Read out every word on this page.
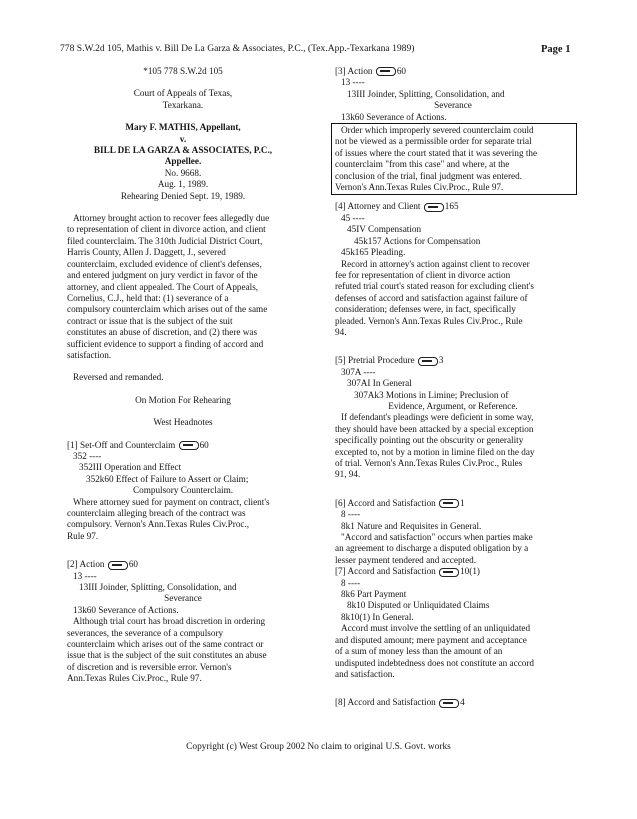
778 S.W.2d 105, Mathis v. Bill De La Garza & Associates, P.C., (Tex.App.-Texarkana 1989)	Page 1
*105 778 S.W.2d 105
Court of Appeals of Texas,
Texarkana.
Mary F. MATHIS, Appellant,
v.
BILL DE LA GARZA & ASSOCIATES, P.C.,
Appellee.
No. 9668.
Aug. 1, 1989.
Rehearing Denied Sept. 19, 1989.
Attorney brought action to recover fees allegedly due
to representation of client in divorce action, and client
filed counterclaim. The 310th Judicial District Court,
Harris County, Allen J. Daggett, J., severed
counterclaim, excluded evidence of client's defenses,
and entered judgment on jury verdict in favor of the
attorney, and client appealed. The Court of Appeals,
Cornelius, C.J., held that: (1) severance of a
compulsory counterclaim which arises out of the same
contract or issue that is the subject of the suit
constitutes an abuse of discretion, and (2) there was
sufficient evidence to support a finding of accord and
satisfaction.
Reversed and remanded.
On Motion For Rehearing
West Headnotes
[1] Set-Off and Counterclaim	60
352 ----
352III Operation and Effect
352k60 Effect of Failure to Assert or Claim;
Compulsory Counterclaim.
Where attorney sued for payment on contract, client's
counterclaim alleging breach of the contract was
compulsory. Vernon's Ann.Texas Rules Civ.Proc.,
Rule 97.
[2] Action	60
13 ----
13III Joinder, Splitting, Consolidation, and
Severance
13k60 Severance of Actions.
Although trial court has broad discretion in ordering
severances, the severance of a compulsory
counterclaim which arises out of the same contract or
issue that is the subject of the suit constitutes an abuse
of discretion and is reversible error. Vernon's
Ann.Texas Rules Civ.Proc., Rule 97.
[3] Action	60
13 ----
13III Joinder, Splitting, Consolidation, and
Severance
13k60 Severance of Actions.
Order which improperly severed counterclaim could
not be viewed as a permissible order for separate trial
of issues where the court stated that it was severing the
counterclaim "from this case" and where, at the
conclusion of the trial, final judgment was entered.
Vernon's Ann.Texas Rules Civ.Proc., Rule 97.
[4] Attorney and Client	165
45 ----
45IV Compensation
45k157 Actions for Compensation
45k165 Pleading.
Record in attorney's action against client to recover
fee for representation of client in divorce action
refuted trial court's stated reason for excluding client's
defenses of accord and satisfaction against failure of
consideration; defenses were, in fact, specifically
pleaded. Vernon's Ann.Texas Rules Civ.Proc., Rule
94.
[5] Pretrial Procedure	3
307A ----
307AI In General
307Ak3 Motions in Limine; Preclusion of
Evidence, Argument, or Reference.
If defendant's pleadings were deficient in some way,
they should have been attacked by a special exception
specifically pointing out the obscurity or generality
excepted to, not by a motion in limine filed on the day
of trial. Vernon's Ann.Texas Rules Civ.Proc., Rules
91, 94.
[6] Accord and Satisfaction	1
8 ----
8k1 Nature and Requisites in General.
"Accord and satisfaction" occurs when parties make
an agreement to discharge a disputed obligation by a
lesser payment tendered and accepted.
[7] Accord and Satisfaction	10(1)
8 ----
8k6 Part Payment
8k10 Disputed or Unliquidated Claims
8k10(1) In General.
Accord must involve the settling of an unliquidated
and disputed amount; mere payment and acceptance
of a sum of money less than the amount of an
undisputed indebtedness does not constitute an accord
and satisfaction.
[8] Accord and Satisfaction	4
Copyright (c) West Group 2002 No claim to original U.S. Govt. works
